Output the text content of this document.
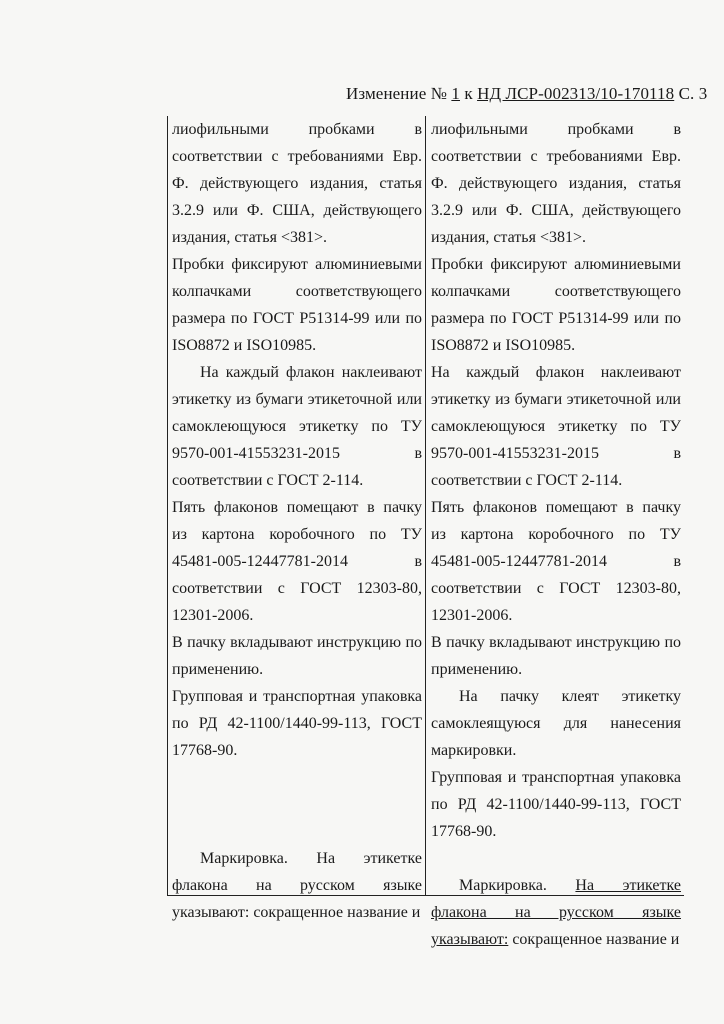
Изменение № 1 к НД ЛСР-002313/10-170118 С. 3

лиофильными пробками в соответствии с требованиями Евр. Ф. действующего издания, статья 3.2.9 или Ф. США, действующего издания, статья <381>.

Пробки фиксируют алюминиевыми колпачками соответствующего размера по ГОСТ Р51314-99 или по ISO8872 и ISO10985.

На каждый флакон наклеивают этикетку из бумаги этикеточной или самоклеющуюся этикетку по ТУ 9570-001-41553231-2015 в соответствии с ГОСТ 2-114.

Пять флаконов помещают в пачку из картона коробочного по ТУ 45481-005-12447781-2014 в соответствии с ГОСТ 12303-80, 12301-2006.

В пачку вкладывают инструкцию по применению.

Групповая и транспортная упаковка по РД 42-1100/1440-99-113, ГОСТ 17768-90.

Маркировка. На этикетке флакона на русском языке указывают: сокращенное название и

лиофильными пробками в соответствии с требованиями Евр. Ф. действующего издания, статья 3.2.9 или Ф. США, действующего издания, статья <381>.

Пробки фиксируют алюминиевыми колпачками соответствующего размера по ГОСТ Р51314-99 или по ISO8872 и ISO10985.

На каждый флакон наклеивают этикетку из бумаги этикеточной или самоклеющуюся этикетку по ТУ 9570-001-41553231-2015 в соответствии с ГОСТ 2-114.

Пять флаконов помещают в пачку из картона коробочного по ТУ 45481-005-12447781-2014 в соответствии с ГОСТ 12303-80, 12301-2006.

В пачку вкладывают инструкцию по применению.

На пачку клеят этикетку самоклеящуюся для нанесения маркировки.

Групповая и транспортная упаковка по РД 42-1100/1440-99-113, ГОСТ 17768-90.

Маркировка. На этикетке флакона на русском языке указывают: сокращенное название и
